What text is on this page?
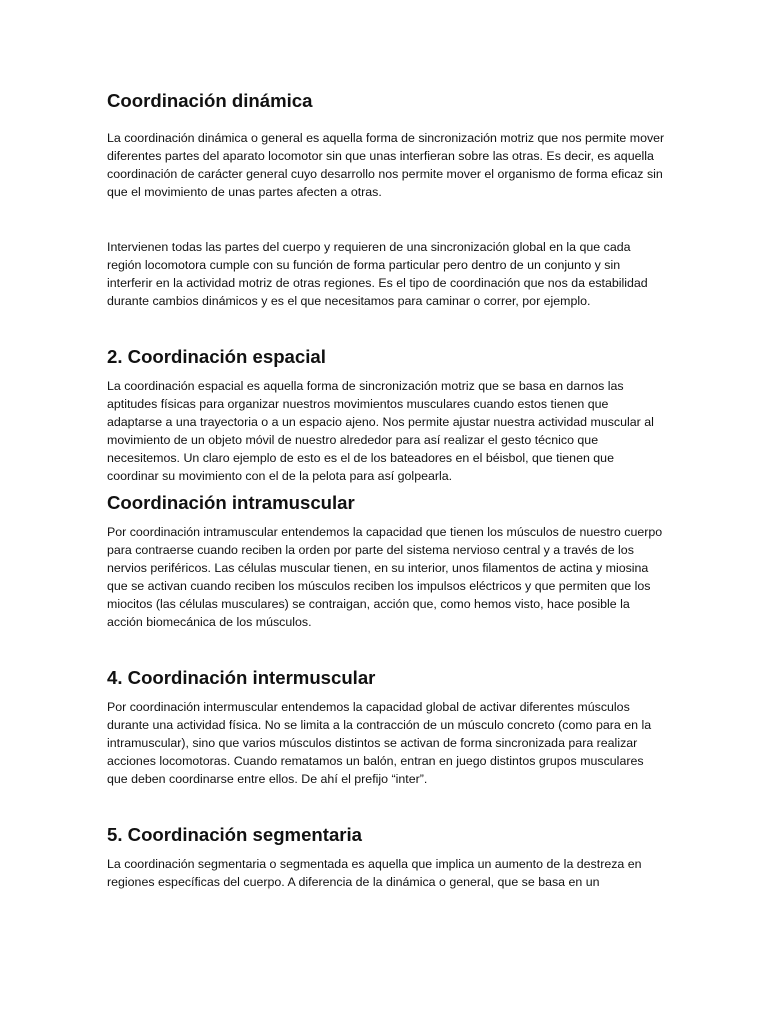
Coordinación dinámica

La coordinación dinámica o general es aquella forma de sincronización motriz que nos permite mover diferentes partes del aparato locomotor sin que unas interfieran sobre las otras. Es decir, es aquella coordinación de carácter general cuyo desarrollo nos permite mover el organismo de forma eficaz sin que el movimiento de unas partes afecten a otras.

Intervienen todas las partes del cuerpo y requieren de una sincronización global en la que cada región locomotora cumple con su función de forma particular pero dentro de un conjunto y sin interferir en la actividad motriz de otras regiones. Es el tipo de coordinación que nos da estabilidad durante cambios dinámicos y es el que necesitamos para caminar o correr, por ejemplo.

2. Coordinación espacial

La coordinación espacial es aquella forma de sincronización motriz que se basa en darnos las aptitudes físicas para organizar nuestros movimientos musculares cuando estos tienen que adaptarse a una trayectoria o a un espacio ajeno. Nos permite ajustar nuestra actividad muscular al movimiento de un objeto móvil de nuestro alrededor para así realizar el gesto técnico que necesitemos. Un claro ejemplo de esto es el de los bateadores en el béisbol, que tienen que coordinar su movimiento con el de la pelota para así golpearla.

Coordinación intramuscular

Por coordinación intramuscular entendemos la capacidad que tienen los músculos de nuestro cuerpo para contraerse cuando reciben la orden por parte del sistema nervioso central y a través de los nervios periféricos. Las células muscular tienen, en su interior, unos filamentos de actina y miosina que se activan cuando reciben los músculos reciben los impulsos eléctricos y que permiten que los miocitos (las células musculares) se contraigan, acción que, como hemos visto, hace posible la acción biomecánica de los músculos.

4. Coordinación intermuscular

Por coordinación intermuscular entendemos la capacidad global de activar diferentes músculos durante una actividad física. No se limita a la contracción de un músculo concreto (como para en la intramuscular), sino que varios músculos distintos se activan de forma sincronizada para realizar acciones locomotoras. Cuando rematamos un balón, entran en juego distintos grupos musculares que deben coordinarse entre ellos. De ahí el prefijo “inter”.

5. Coordinación segmentaria

La coordinación segmentaria o segmentada es aquella que implica un aumento de la destreza en regiones específicas del cuerpo. A diferencia de la dinámica o general, que se basa en un
